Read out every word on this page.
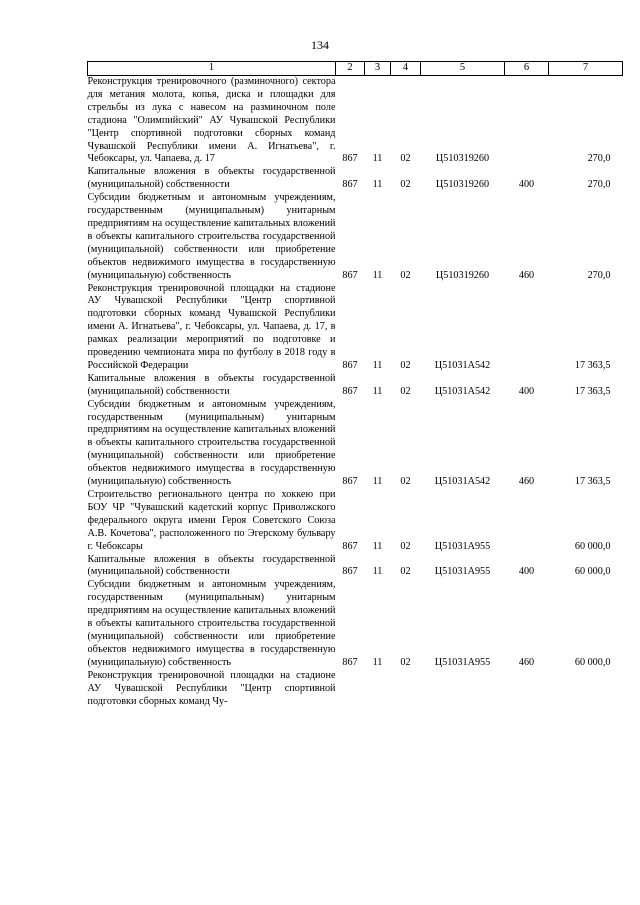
134
1	2	3	4	5	6	7
Реконструкция тренировочного (разминочного) сектора для метания молота, копья, диска и площадки для стрельбы из лука с навесом на разминочном поле стадиона "Олимпийский" АУ Чувашской Республики "Центр спортивной подготовки сборных команд Чувашской Республики имени А. Игнатьева", г. Чебоксары, ул. Чапаева, д. 17	867	11	02	Ц510319260		270,0
Капитальные вложения в объекты государственной (муниципальной) собственности	867	11	02	Ц510319260	400	270,0
Субсидии бюджетным и автономным учреждениям, государственным (муниципальным) унитарным предприятиям на осуществление капитальных вложений в объекты капитального строительства государственной (муниципальной) собственности или приобретение объектов недвижимого имущества в государственную (муниципальную) собственность	867	11	02	Ц510319260	460	270,0
Реконструкция тренировочной площадки на стадионе АУ Чувашской Республики "Центр спортивной подготовки сборных команд Чувашской Республики имени А. Игнатьева", г. Чебоксары, ул. Чапаева, д. 17, в рамках реализации мероприятий по подготовке и проведению чемпионата мира по футболу в 2018 году в Российской Федерации	867	11	02	Ц51031А542		17 363,5
Капитальные вложения в объекты государственной (муниципальной) собственности	867	11	02	Ц51031А542	400	17 363,5
Субсидии бюджетным и автономным учреждениям, государственным (муниципальным) унитарным предприятиям на осуществление капитальных вложений в объекты капитального строительства государственной (муниципальной) собственности или приобретение объектов недвижимого имущества в государственную (муниципальную) собственность	867	11	02	Ц51031А542	460	17 363,5
Строительство регионального центра по хоккею при БОУ ЧР "Чувашский кадетский корпус Приволжского федерального округа имени Героя Советского Союза А.В. Кочетова", расположенного по Эгерскому бульвару г. Чебоксары	867	11	02	Ц51031А955		60 000,0
Капитальные вложения в объекты государственной (муниципальной) собственности	867	11	02	Ц51031А955	400	60 000,0
Субсидии бюджетным и автономным учреждениям, государственным (муниципальным) унитарным предприятиям на осуществление капитальных вложений в объекты капитального строительства государственной (муниципальной) собственности или приобретение объектов недвижимого имущества в государственную (муниципальную) собственность	867	11	02	Ц51031А955	460	60 000,0
Реконструкция тренировочной площадки на стадионе АУ Чувашской Республики "Центр спортивной подготовки сборных команд Чу-						
